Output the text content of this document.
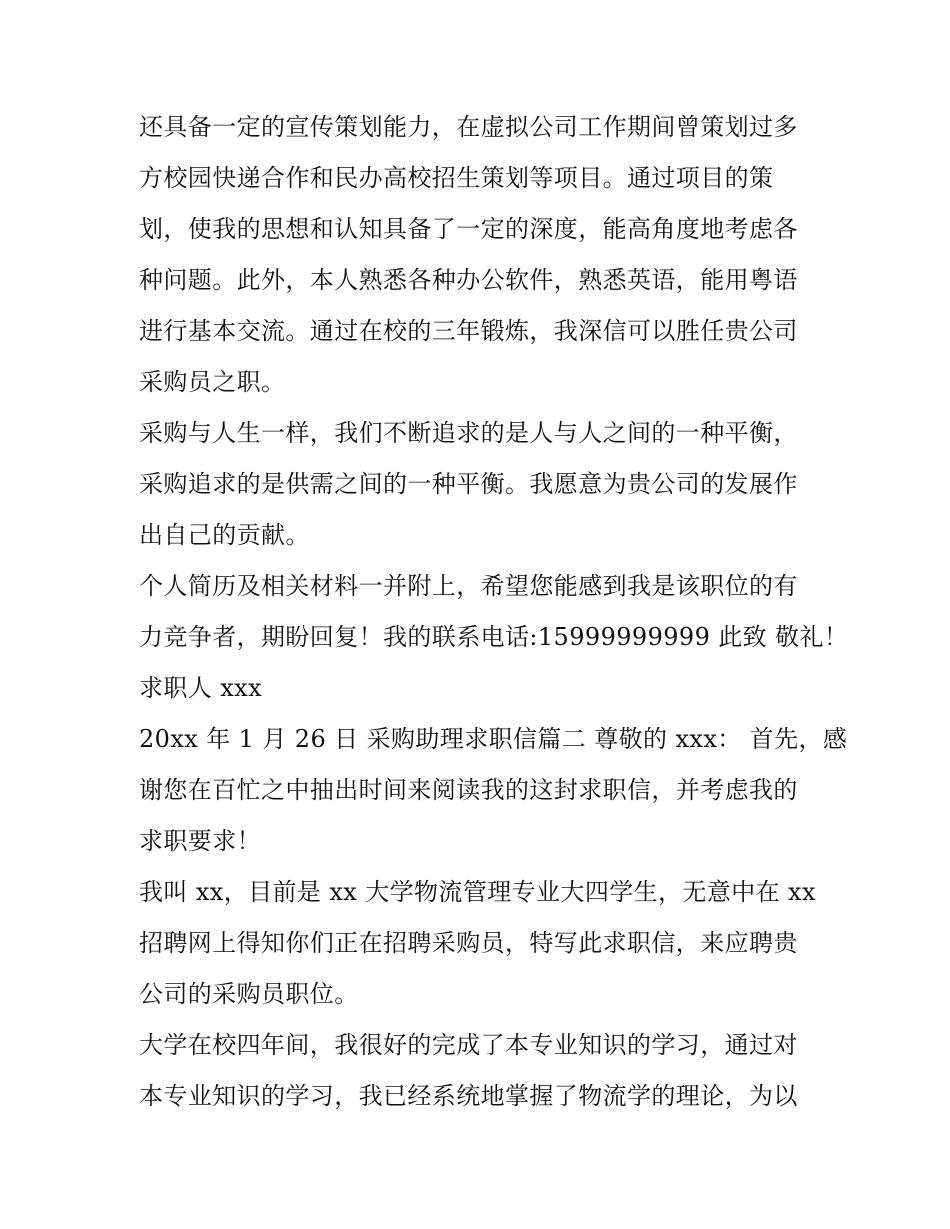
还具备一定的宣传策划能力，在虚拟公司工作期间曾策划过多
方校园快递合作和民办高校招生策划等项目。通过项目的策
划，使我的思想和认知具备了一定的深度，能高角度地考虑各
种问题。此外，本人熟悉各种办公软件，熟悉英语，能用粤语
进行基本交流。通过在校的三年锻炼，我深信可以胜任贵公司
采购员之职。
采购与人生一样，我们不断追求的是人与人之间的一种平衡，
采购追求的是供需之间的一种平衡。我愿意为贵公司的发展作
出自己的贡献。
个人简历及相关材料一并附上，希望您能感到我是该职位的有
力竞争者，期盼回复！我的联系电话:15999999999 此致 敬礼！
求职人 xxx
20xx 年 1 月 26 日 采购助理求职信篇二 尊敬的 xxx： 首先，感
谢您在百忙之中抽出时间来阅读我的这封求职信，并考虑我的
求职要求！
我叫 xx，目前是 xx 大学物流管理专业大四学生，无意中在 xx
招聘网上得知你们正在招聘采购员，特写此求职信，来应聘贵
公司的采购员职位。
大学在校四年间，我很好的完成了本专业知识的学习，通过对
本专业知识的学习，我已经系统地掌握了物流学的理论，为以
